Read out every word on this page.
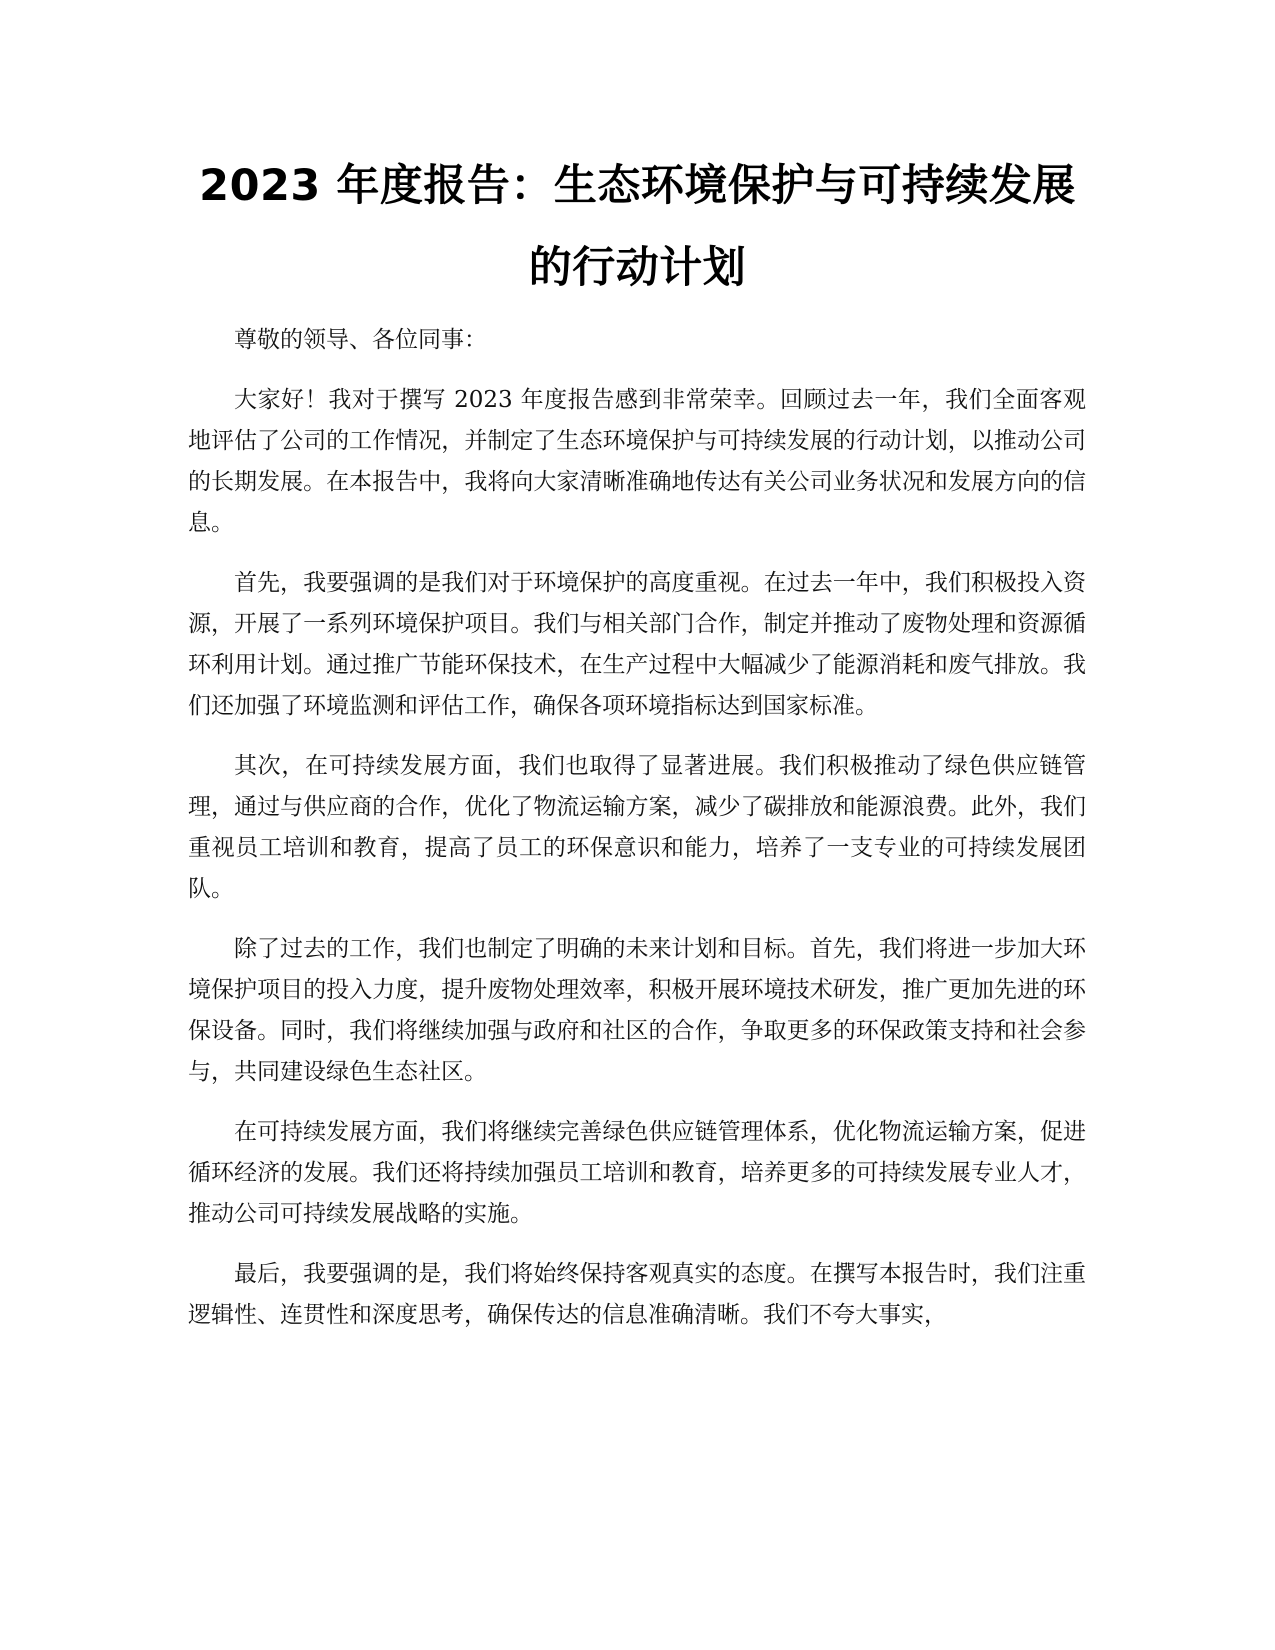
2023 年度报告：生态环境保护与可持续发展
的行动计划

尊敬的领导、各位同事：

大家好！我对于撰写 2023 年度报告感到非常荣幸。回顾过去一年，我们全面客观地评估了公司的工作情况，并制定了生态环境保护与可持续发展的行动计划，以推动公司的长期发展。在本报告中，我将向大家清晰准确地传达有关公司业务状况和发展方向的信息。

首先，我要强调的是我们对于环境保护的高度重视。在过去一年中，我们积极投入资源，开展了一系列环境保护项目。我们与相关部门合作，制定并推动了废物处理和资源循环利用计划。通过推广节能环保技术，在生产过程中大幅减少了能源消耗和废气排放。我们还加强了环境监测和评估工作，确保各项环境指标达到国家标准。

其次，在可持续发展方面，我们也取得了显著进展。我们积极推动了绿色供应链管理，通过与供应商的合作，优化了物流运输方案，减少了碳排放和能源浪费。此外，我们重视员工培训和教育，提高了员工的环保意识和能力，培养了一支专业的可持续发展团队。

除了过去的工作，我们也制定了明确的未来计划和目标。首先，我们将进一步加大环境保护项目的投入力度，提升废物处理效率，积极开展环境技术研发，推广更加先进的环保设备。同时，我们将继续加强与政府和社区的合作，争取更多的环保政策支持和社会参与，共同建设绿色生态社区。

在可持续发展方面，我们将继续完善绿色供应链管理体系，优化物流运输方案，促进循环经济的发展。我们还将持续加强员工培训和教育，培养更多的可持续发展专业人才，推动公司可持续发展战略的实施。

最后，我要强调的是，我们将始终保持客观真实的态度。在撰写本报告时，我们注重逻辑性、连贯性和深度思考，确保传达的信息准确清晰。我们不夸大事实，
